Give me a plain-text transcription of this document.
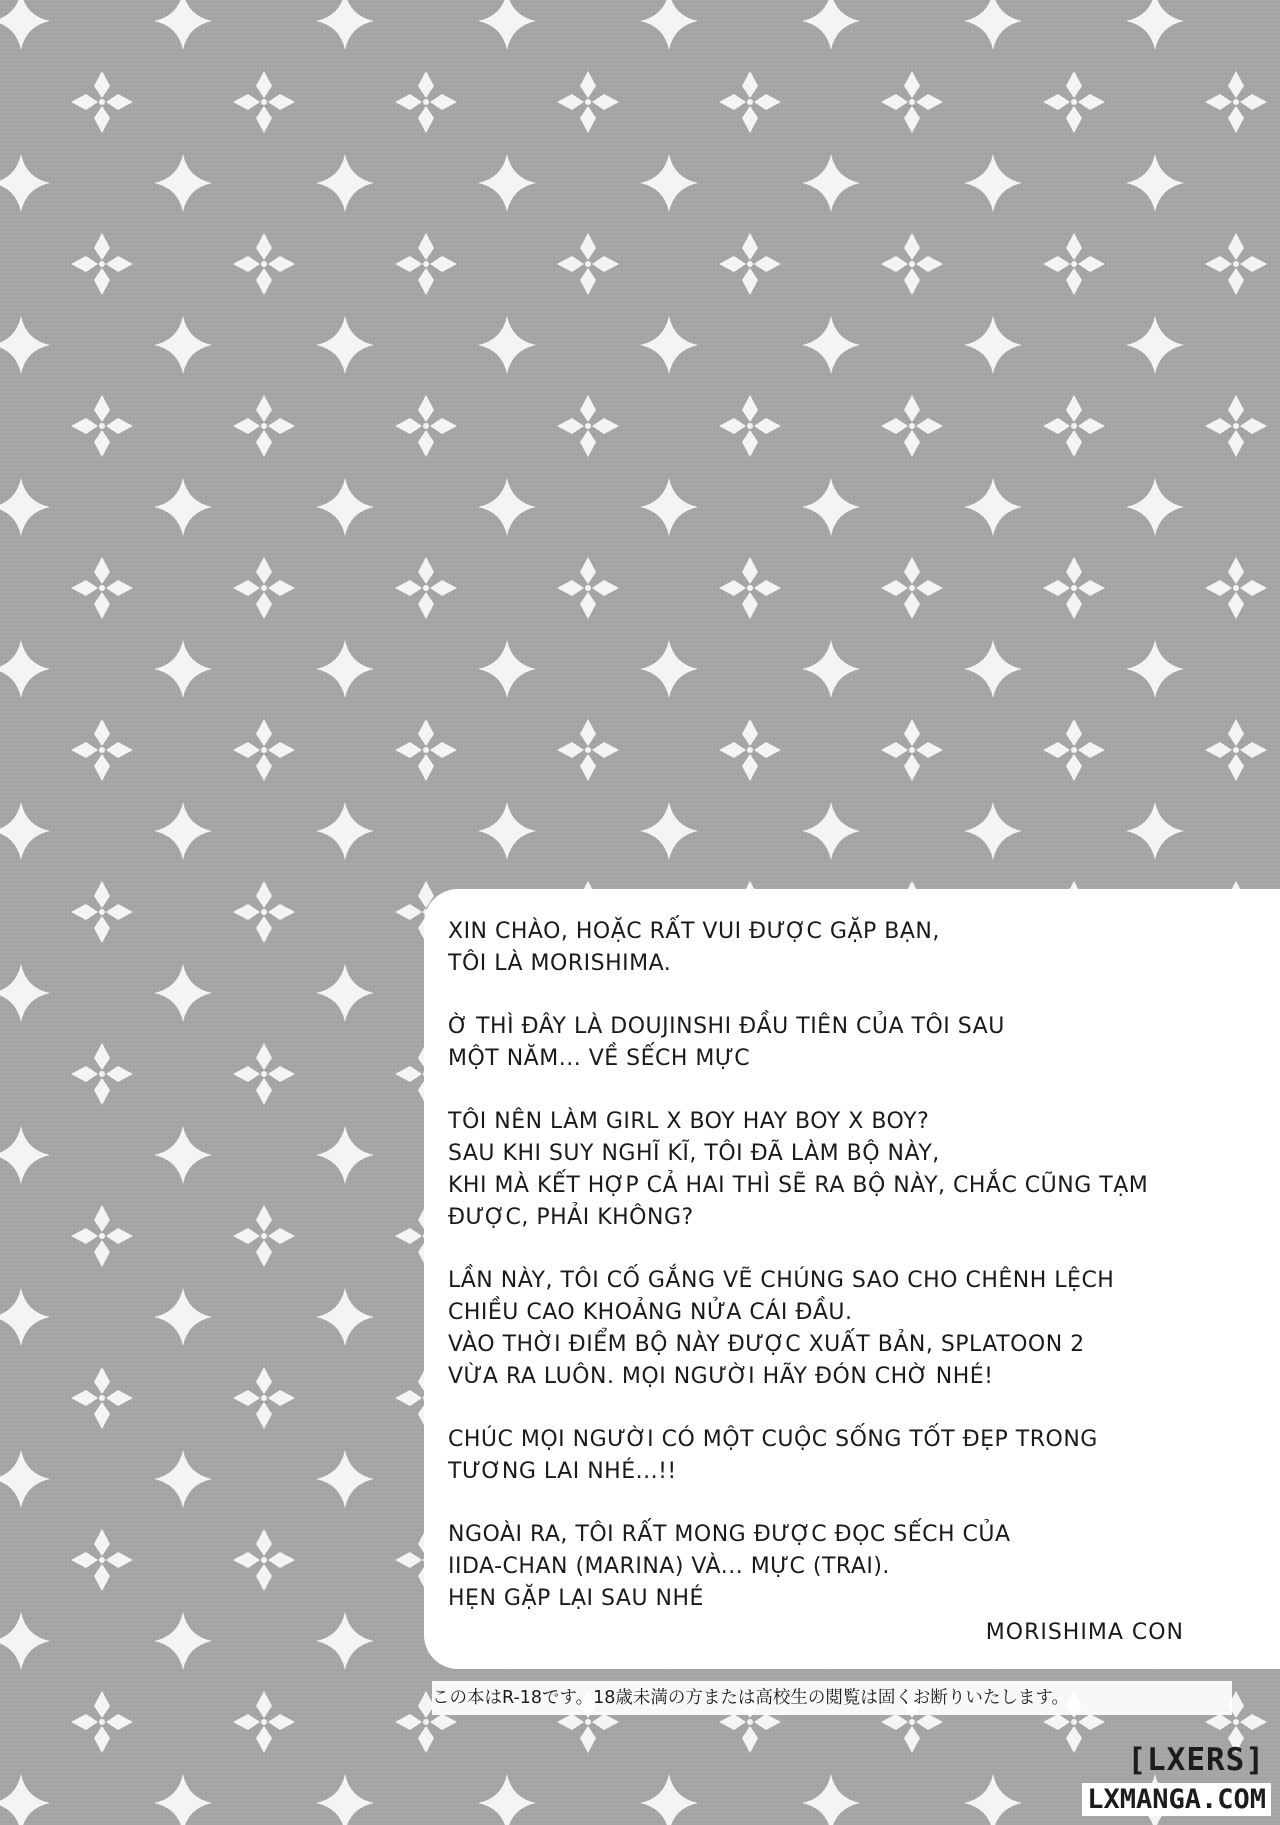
XIN CHÀO, HOẶC RẤT VUI ĐƯỢC GẶP BẠN,
TÔI LÀ MORISHIMA.
Ờ THÌ ĐÂY LÀ DOUJINSHI ĐẦU TIÊN CỦA TÔI SAU
MỘT NĂM... VỀ SẾCH MỰC
TÔI NÊN LÀM GIRL X BOY HAY BOY X BOY?
SAU KHI SUY NGHĨ KĨ, TÔI ĐÃ LÀM BỘ NÀY,
KHI MÀ KẾT HỢP CẢ HAI THÌ SẼ RA BỘ NÀY, CHẮC CŨNG TẠM
ĐƯỢC, PHẢI KHÔNG?
LẦN NÀY, TÔI CỐ GẮNG VẼ CHÚNG SAO CHO CHÊNH LỆCH
CHIỀU CAO KHOẢNG NỬA CÁI ĐẦU.
VÀO THỜI ĐIỂM BỘ NÀY ĐƯỢC XUẤT BẢN, SPLATOON 2
VỪA RA LUÔN. MỌI NGƯỜI HÃY ĐÓN CHỜ NHÉ!
CHÚC MỌI NGƯỜI CÓ MỘT CUỘC SỐNG TỐT ĐẸP TRONG
TƯƠNG LAI NHÉ...!!
NGOÀI RA, TÔI RẤT MONG ĐƯỢC ĐỌC SẾCH CỦA
IIDA-CHAN (MARINA) VÀ... MỰC (TRAI).
HẸN GẶP LẠI SAU NHÉ
MORISHIMA CON
この本はR-18です。18歳未満の方または高校生の閲覧は固くお断りいたします。
[LXERS]
LXMANGA.COM
